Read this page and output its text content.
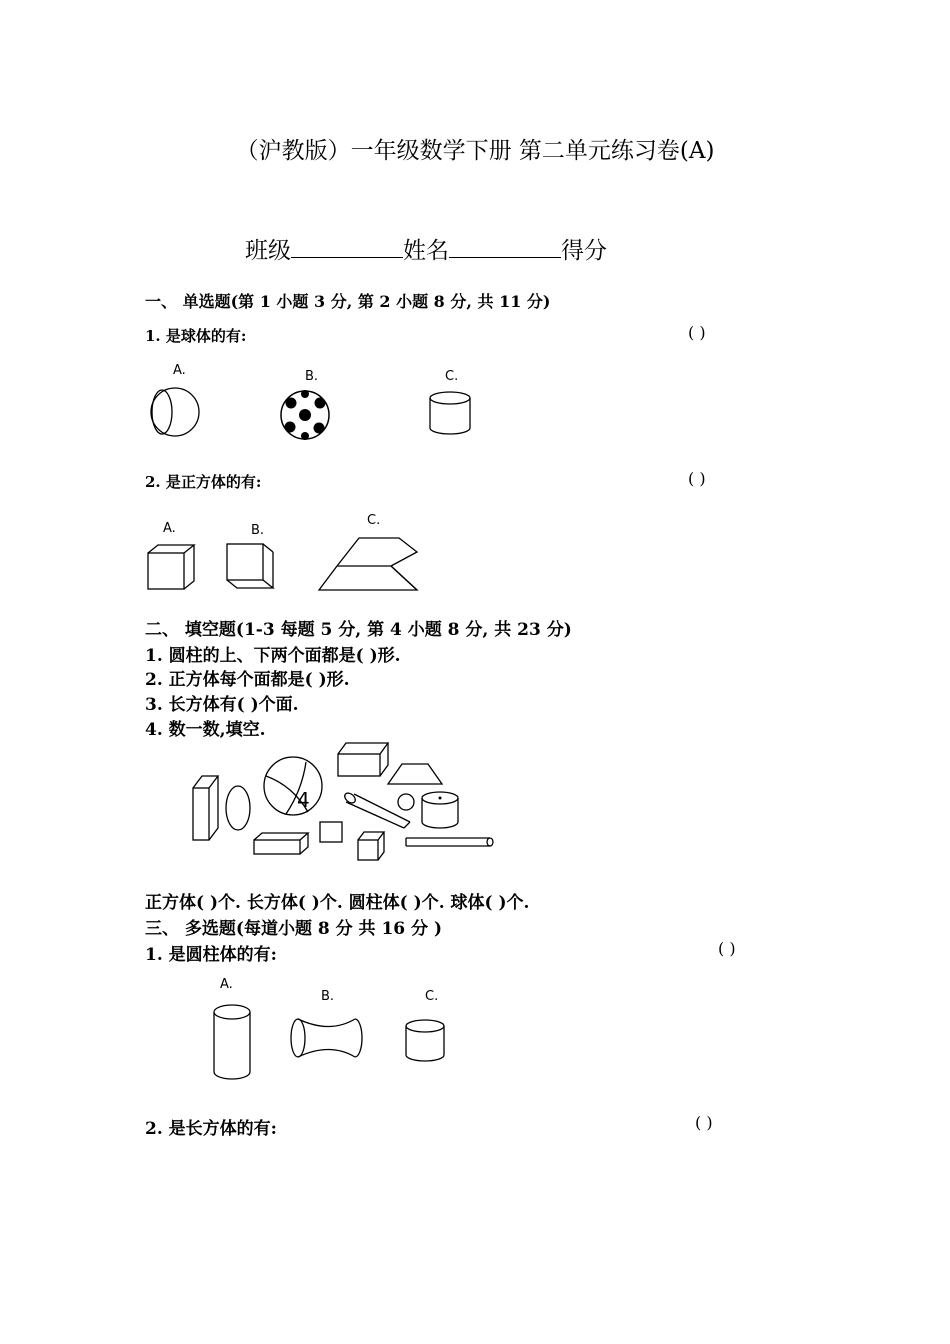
（沪教版）一年级数学下册 第二单元练习卷(A)
班级	姓名	得分
一、 单选题(第 1 小题 3 分, 第 2 小题 8 分, 共 11 分)
1. 是球体的有:	( )
A.	B.	C.
2. 是正方体的有:	( )
A.	B.
C.
二、 填空题(1-3 每题 5 分, 第 4 小题 8 分, 共 23 分)
1. 圆柱的上、下两个面都是( )形.
2. 正方体每个面都是( )形.
3. 长方体有( )个面.
4. 数一数,填空.
4
正方体( )个. 长方体( )个. 圆柱体( )个. 球体( )个.
三、 多选题(每道小题 8 分 共 16 分 )
1. 是圆柱体的有:	( )
A.
B.	C.
2. 是长方体的有:	( )
